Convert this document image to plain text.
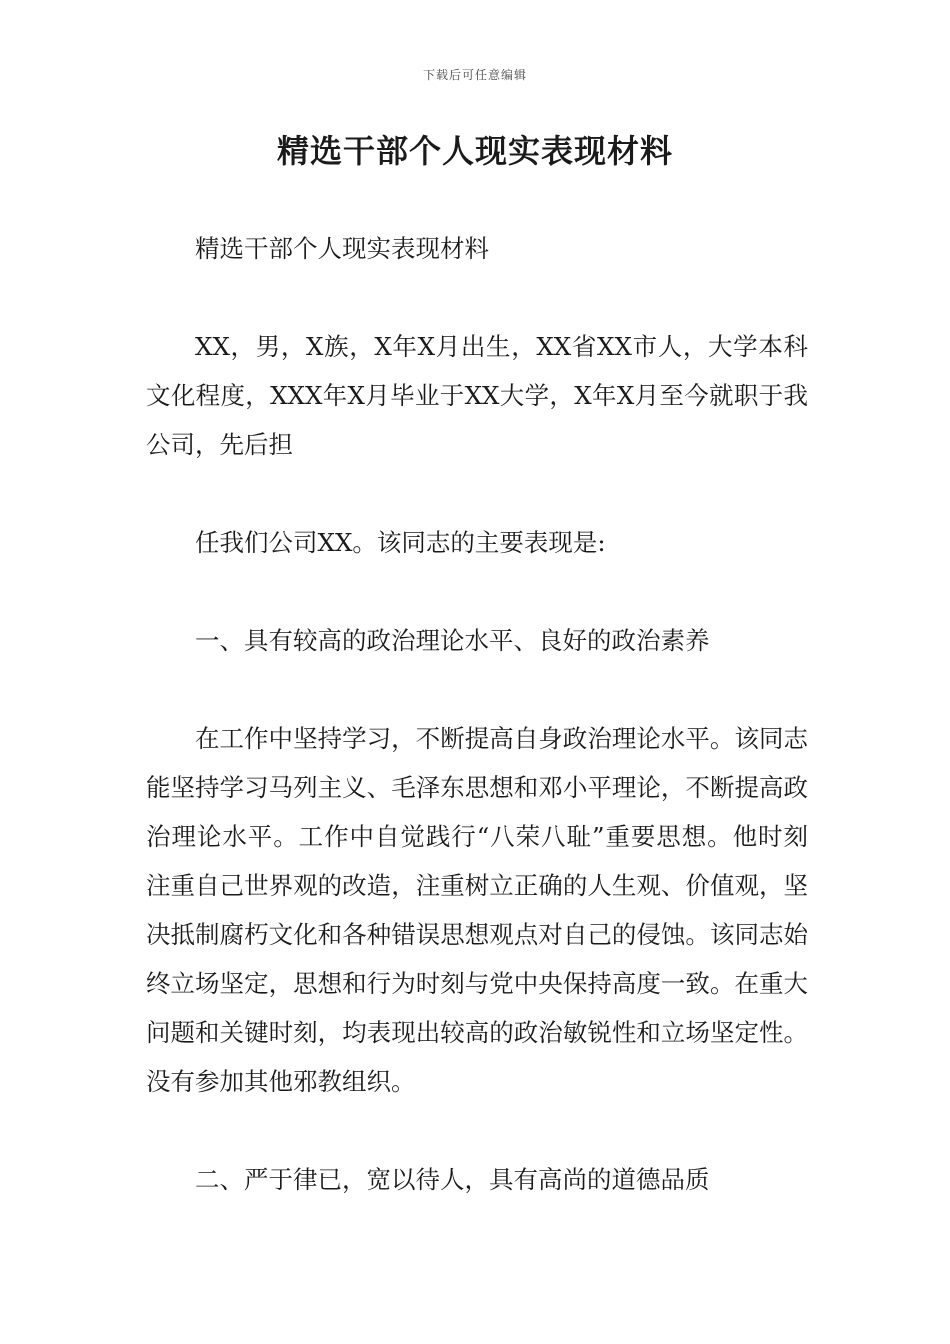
下载后可任意编辑
精选干部个人现实表现材料

精选干部个人现实表现材料

XX，男，X族，X年X月出生，XX省XX市人，大学本科文化程度，XXX年X月毕业于XX大学，X年X月至今就职于我公司，先后担

任我们公司XX。该同志的主要表现是:

一、具有较高的政治理论水平、良好的政治素养

在工作中坚持学习，不断提高自身政治理论水平。该同志能坚持学习马列主义、毛泽东思想和邓小平理论，不断提高政治理论水平。工作中自觉践行“八荣八耻”重要思想。他时刻注重自己世界观的改造，注重树立正确的人生观、价值观，坚决抵制腐朽文化和各种错误思想观点对自己的侵蚀。该同志始终立场坚定，思想和行为时刻与党中央保持高度一致。在重大问题和关键时刻，均表现出较高的政治敏锐性和立场坚定性。没有参加其他邪教组织。

二、严于律已，宽以待人，具有高尚的道德品质
